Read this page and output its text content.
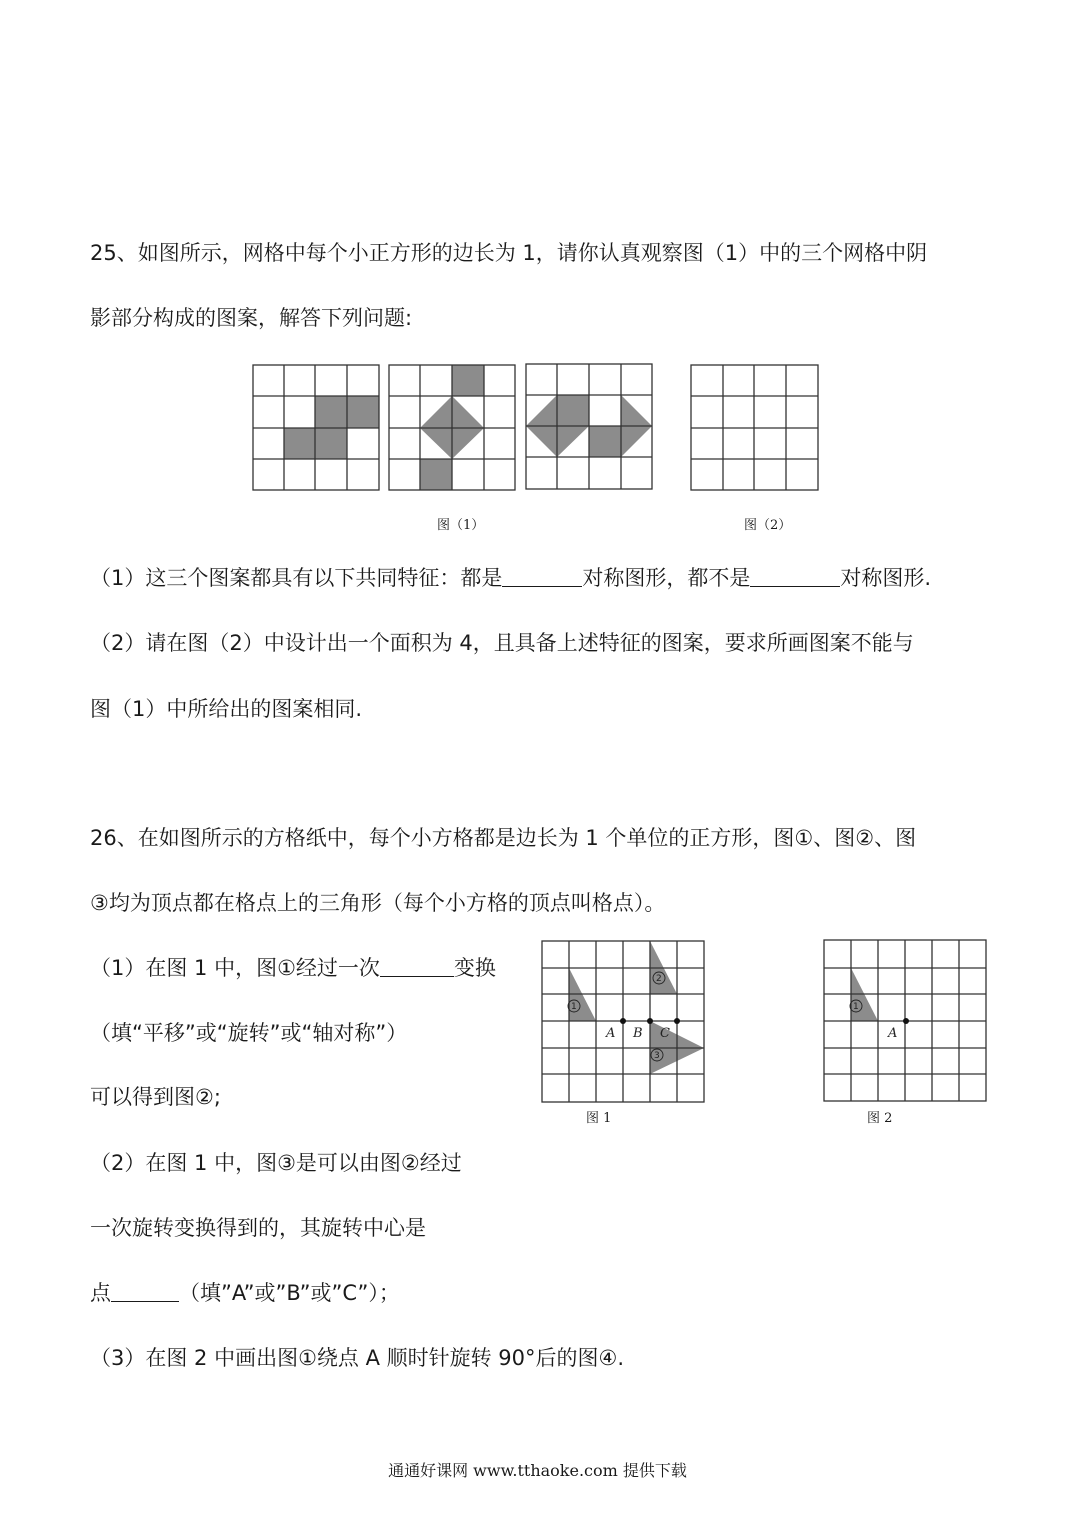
25、如图所示，网格中每个小正方形的边长为 1，请你认真观察图（1）中的三个网格中阴
影部分构成的图案，解答下列问题:
图（1）	图（2）
（1）这三个图案都具有以下共同特征：都是	对称图形，都不是	对称图形.
（2）请在图（2）中设计出一个面积为 4，且具备上述特征的图案，要求所画图案不能与
图（1）中所给出的图案相同.
26、在如图所示的方格纸中，每个小方格都是边长为 1 个单位的正方形，图①、图②、图
③均为顶点都在格点上的三角形（每个小方格的顶点叫格点）。
（1）在图 1 中，图①经过一次	变换
（填“平移”或“旋转”或“轴对称”）
可以得到图②;
（2）在图 1 中，图③是可以由图②经过
一次旋转变换得到的，其旋转中心是
点	（填”A”或”B”或”C”）；
（3）在图 2 中画出图①绕点 A 顺时针旋转 90°后的图④.
A B C
1
2
3
图 1
A
1
图 2
通通好课网 www.tthaoke.com 提供下载
